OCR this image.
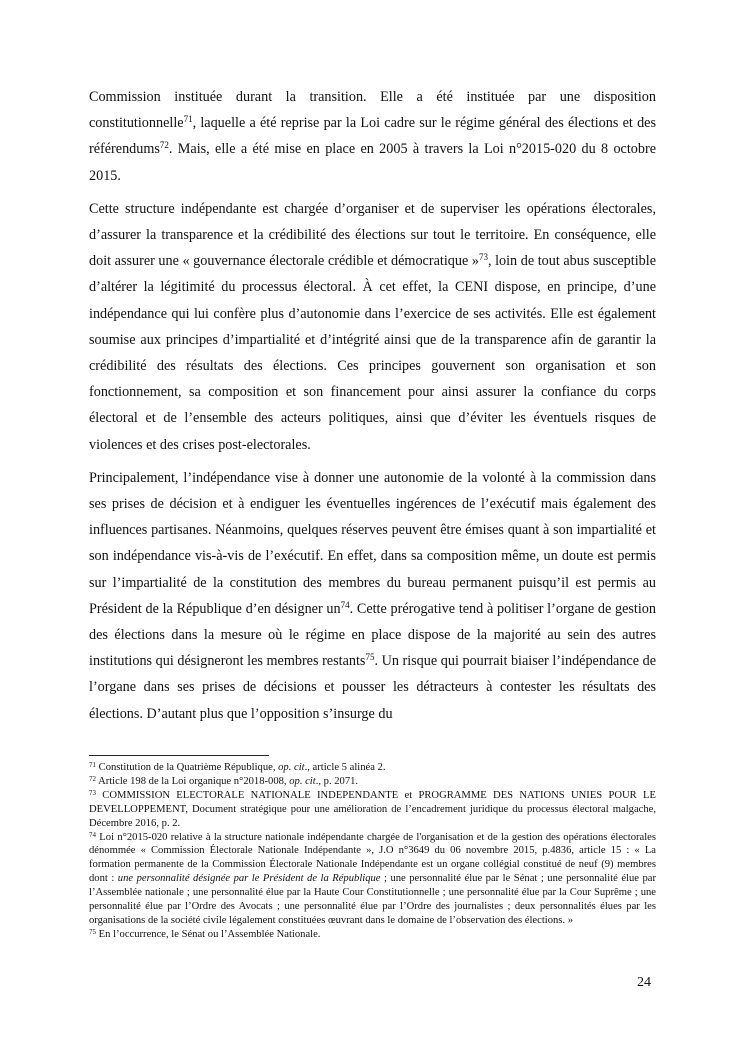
Commission instituée durant la transition. Elle a été instituée par une disposition constitutionnelle$^{71}$, laquelle a été reprise par la Loi cadre sur le régime général des élections et des référendums$^{72}$. Mais, elle a été mise en place en 2005 à travers la Loi n°2015-020 du 8 octobre 2015.

Cette structure indépendante est chargée d’organiser et de superviser les opérations électorales, d’assurer la transparence et la crédibilité des élections sur tout le territoire. En conséquence, elle doit assurer une « gouvernance électorale crédible et démocratique »$^{73}$, loin de tout abus susceptible d’altérer la légitimité du processus électoral. À cet effet, la CENI dispose, en principe, d’une indépendance qui lui confère plus d’autonomie dans l’exercice de ses activités. Elle est également soumise aux principes d’impartialité et d’intégrité ainsi que de la transparence afin de garantir la crédibilité des résultats des élections. Ces principes gouvernent son organisation et son fonctionnement, sa composition et son financement pour ainsi assurer la confiance du corps électoral et de l’ensemble des acteurs politiques, ainsi que d’éviter les éventuels risques de violences et des crises post-electorales.

Principalement, l’indépendance vise à donner une autonomie de la volonté à la commission dans ses prises de décision et à endiguer les éventuelles ingérences de l’exécutif mais également des influences partisanes. Néanmoins, quelques réserves peuvent être émises quant à son impartialité et son indépendance vis-à-vis de l’exécutif. En effet, dans sa composition même, un doute est permis sur l’impartialité de la constitution des membres du bureau permanent puisqu’il est permis au Président de la République d’en désigner $un^{74}$. Cette prérogative tend à politiser l’organe de gestion des élections dans la mesure où le régime en place dispose de la majorité au sein des autres institutions qui désigneront les membres restants$^{75}$. Un risque qui pourrait biaiser l’indépendance de l’organe dans ses prises de décisions et pousser les détracteurs à contester les résultats des élections. D’autant plus que l’opposition s’insurge du

$^{71}$ Constitution de la Quatrième République, op. cit., article 5 alinéa 2.

$^{72}$ Article 198 de la Loi organique n°2018-008, op. cit., p. 2071.

$^{73}$ COMMISSION ELECTORALE NATIONALE INDEPENDANTE et PROGRAMME DES NATIONS UNIES POUR LE DEVELLOPPEMENT, Document stratégique pour une amélioration de l’encadrement juridique du processus électoral malgache, Décembre 2016, p. 2.

$^{74}$ Loi n°2015-020 relative à la structure nationale indépendante chargée de l'organisation et de la gestion des opérations électorales dénommée « Commission Électorale Nationale Indépendante », J.O n°3649 du 06 novembre 2015, p.4836, article 15 : « La formation permanente de la Commission Électorale Nationale Indépendante est un organe collégial constitué de neuf (9) membres dont : une personnalité désignée par le Président de la République ; une personnalité élue par le Sénat ; une personnalité élue par l’Assemblée nationale ; une personnalité élue par la Haute Cour Constitutionnelle ; une personnalité élue par la Cour Suprême ; une personnalité élue par l’Ordre des Avocats ; une personnalité élue par l’Ordre des journalistes ; deux personnalités élues par les organisations de la société civile légalement constituées œuvrant dans le domaine de l’observation des élections. »

$^{75}$ En l’occurrence, le Sénat ou l’Assemblée Nationale.

24
